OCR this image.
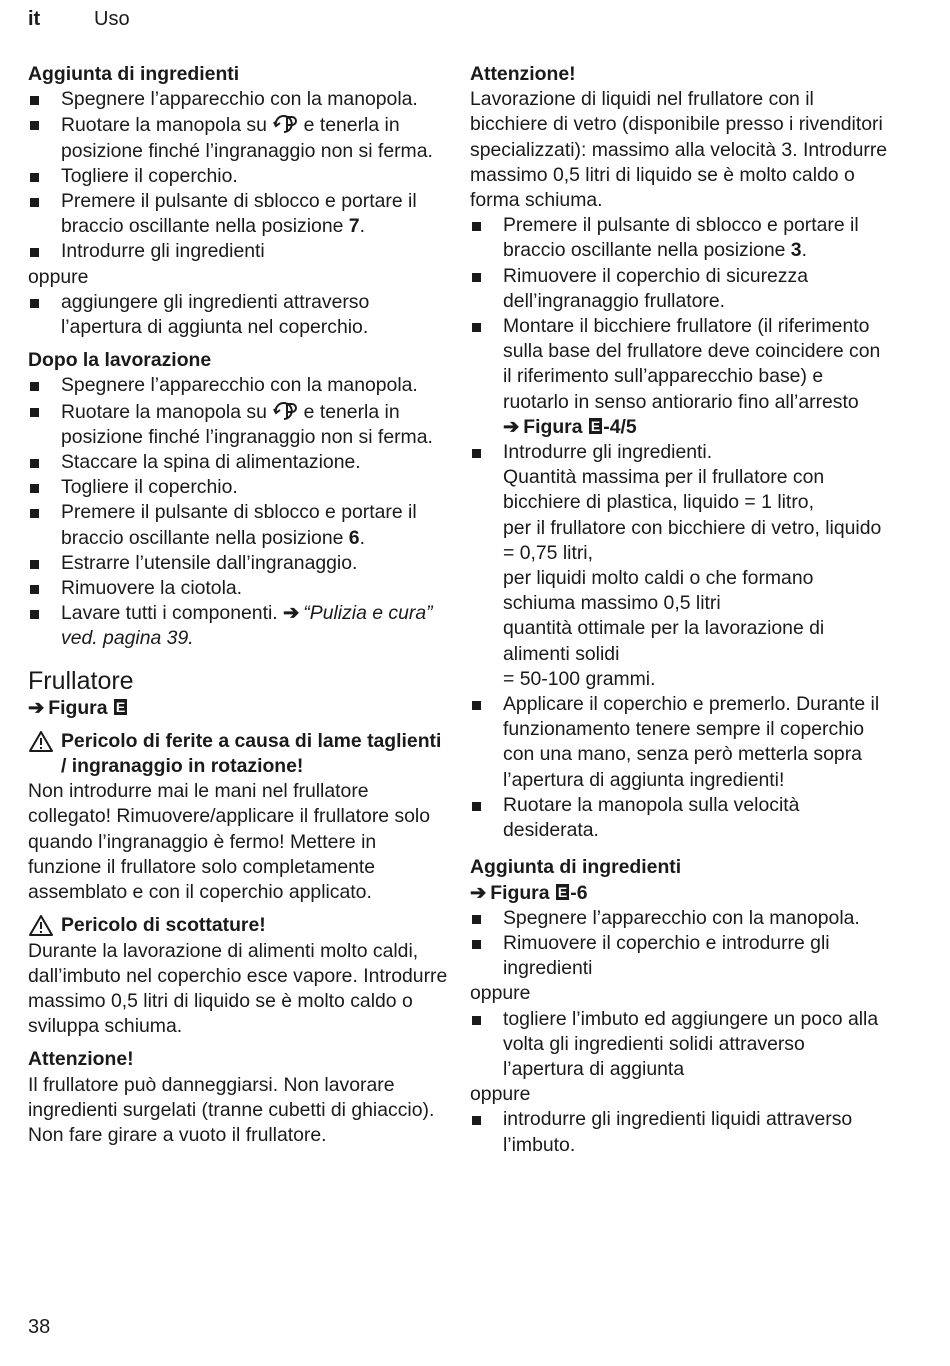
it	Uso

Aggiunta di ingredienti

Spegnere l’apparecchio con la manopola.
Ruotare la manopola su e tenerla in posizione finché l’ingranaggio non si ferma.
Togliere il coperchio.
Premere il pulsante di sblocco e portare il braccio oscillante nella posizione 7.
Introdurre gli ingredienti

oppure

aggiungere gli ingredienti attraverso l’apertura di aggiunta nel coperchio.

Dopo la lavorazione

Spegnere l’apparecchio con la manopola.
Ruotare la manopola su e tenerla in posizione finché l’ingranaggio non si ferma.
Staccare la spina di alimentazione.
Togliere il coperchio.
Premere il pulsante di sblocco e portare il braccio oscillante nella posizione 6.
Estrarre l’utensile dall’ingranaggio.
Rimuovere la ciotola.
Lavare tutti i componenti. ➔ “Pulizia e cura” ved. pagina 39.

Frullatore

➔ Figura E

Pericolo di ferite a causa di lame taglienti / ingranaggio in rotazione!

Non introdurre mai le mani nel frullatore collegato! Rimuovere/applicare il frullatore solo quando l’ingranaggio è fermo! Mettere in funzione il frullatore solo completamente assemblato e con il coperchio applicato.

Pericolo di scottature!

Durante la lavorazione di alimenti molto caldi, dall’imbuto nel coperchio esce vapore. Introdurre massimo 0,5 litri di liquido se è molto caldo o sviluppa schiuma.

Attenzione!

Il frullatore può danneggiarsi. Non lavorare ingredienti surgelati (tranne cubetti di ghiaccio). Non fare girare a vuoto il frullatore.

Attenzione!

Lavorazione di liquidi nel frullatore con il bicchiere di vetro (disponibile presso i rivenditori specializzati): massimo alla velocità 3. Introdurre massimo 0,5 litri di liquido se è molto caldo o forma schiuma.

Premere il pulsante di sblocco e portare il braccio oscillante nella posizione 3.
Rimuovere il coperchio di sicurezza dell’ingranaggio frullatore.
Montare il bicchiere frullatore (il riferimento sulla base del frullatore deve coincidere con il riferimento sull’apparecchio base) e ruotarlo in senso antiorario fino all’arresto
➔ Figura E -4/5
Introdurre gli ingredienti.
Quantità massima per il frullatore con bicchiere di plastica, liquido = 1 litro,
per il frullatore con bicchiere di vetro, liquido = 0,75 litri,
per liquidi molto caldi o che formano schiuma massimo 0,5 litri
quantità ottimale per la lavorazione di alimenti solidi
= 50-100 grammi.
Applicare il coperchio e premerlo. Durante il funzionamento tenere sempre il coperchio con una mano, senza però metterla sopra l’apertura di aggiunta ingredienti!
Ruotare la manopola sulla velocità desiderata.

Aggiunta di ingredienti

➔ Figura E -6

Spegnere l’apparecchio con la manopola.
Rimuovere il coperchio e introdurre gli ingredienti

oppure

togliere l’imbuto ed aggiungere un poco alla volta gli ingredienti solidi attraverso l’apertura di aggiunta

oppure

introdurre gli ingredienti liquidi attraverso l’imbuto.
38
